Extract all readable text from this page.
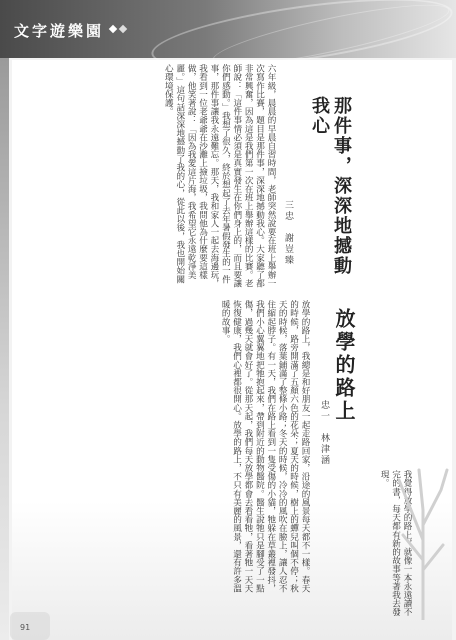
文字遊樂園
那件事，深深地撼動我心
三忠　謝豈臻
六年級，晨晨的早晨自習時間，老師突然說要在班上舉辦一次寫作比賽，題目是那件事，深深地撼動我心。大家聽了都非常興奮，因為這是我們第一次在班上舉辦這樣的比賽。老師說：「這件事情必須是真實發生在你們身上的，而且要讓你們感動。」我想了很久，終於想起了去年暑假發生的一件事，那件事讓我永遠難忘。那天，我和家人一起去海邊玩，我看到一位老爺爺在沙灘上撿垃圾，我問他為什麼要這樣做，他笑著說：「因為我愛這片海，我希望它永遠乾淨美麗。」這句話深深地撼動了我的心，從此以後，我也開始關心環境保護。
放學的路上
忠一　林津涵
放學的路上，我總是和好朋友一起走路回家，沿途的風景每天都不一樣。春天的時候，路旁開滿了五顏六色的花朵；夏天的時候，樹上的蟬兒叫個不停；秋天的時候，落葉鋪滿了整條小路；冬天的時候，冷冷的風吹在臉上，讓人忍不住縮起脖子。有一天，我們在路上看到一隻受傷的小貓，牠躲在草叢裡發抖，我們小心翼翼地把牠抱起來，帶到附近的動物醫院。醫生說牠只是腳受了一點傷，過幾天就會好了。從那天起，我們每天放學都會去看看牠，看著牠一天天恢復健康，我們心裡都很開心。放學的路上，不只有美麗的風景，還有許多溫暖的故事。
我覺得放學的路上，就像一本永遠讀不完的書，每天都有新的故事等著我去發現。
91
